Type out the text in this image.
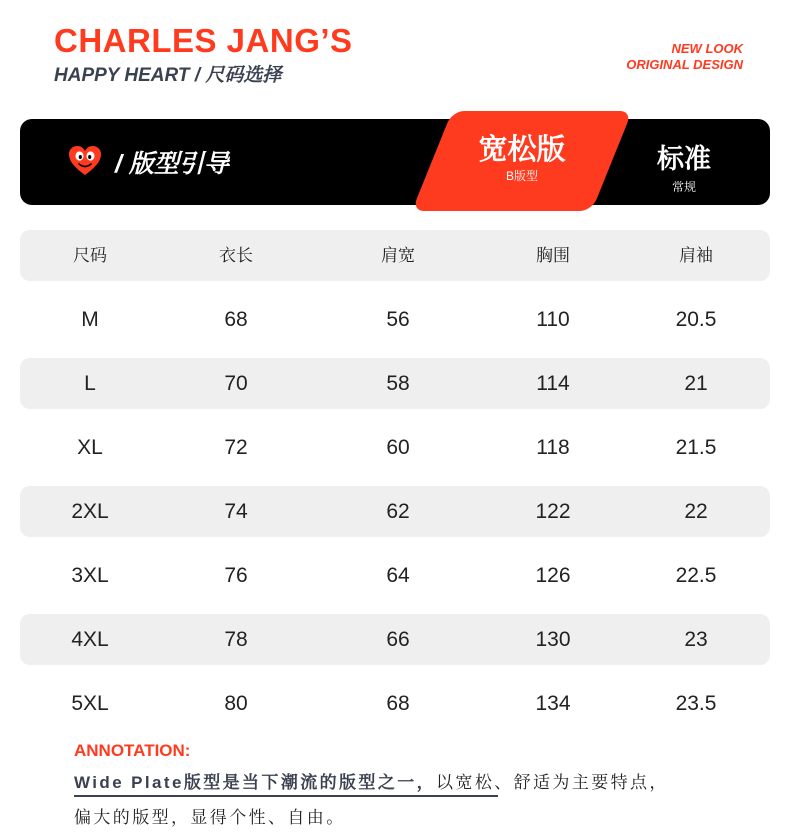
CHARLES JANG’S
HAPPY HEART / 尺码选择
NEW LOOK
ORIGINAL DESIGN
/ 版型引导	宽松版
B版型
标准
常规
尺码	衣长	肩宽	胸围	肩袖
M	68	56	110	20.5
L	70	58	114	21
XL	72	60	118	21.5
2XL	74	62	122	22
3XL	76	64	126	22.5
4XL	78	66	130	23
5XL	80	68	134	23.5
ANNOTATION:
Wide Plate版型是当下潮流的版型之一，以宽松、舒适为主要特点，
偏大的版型，显得个性、自由。
